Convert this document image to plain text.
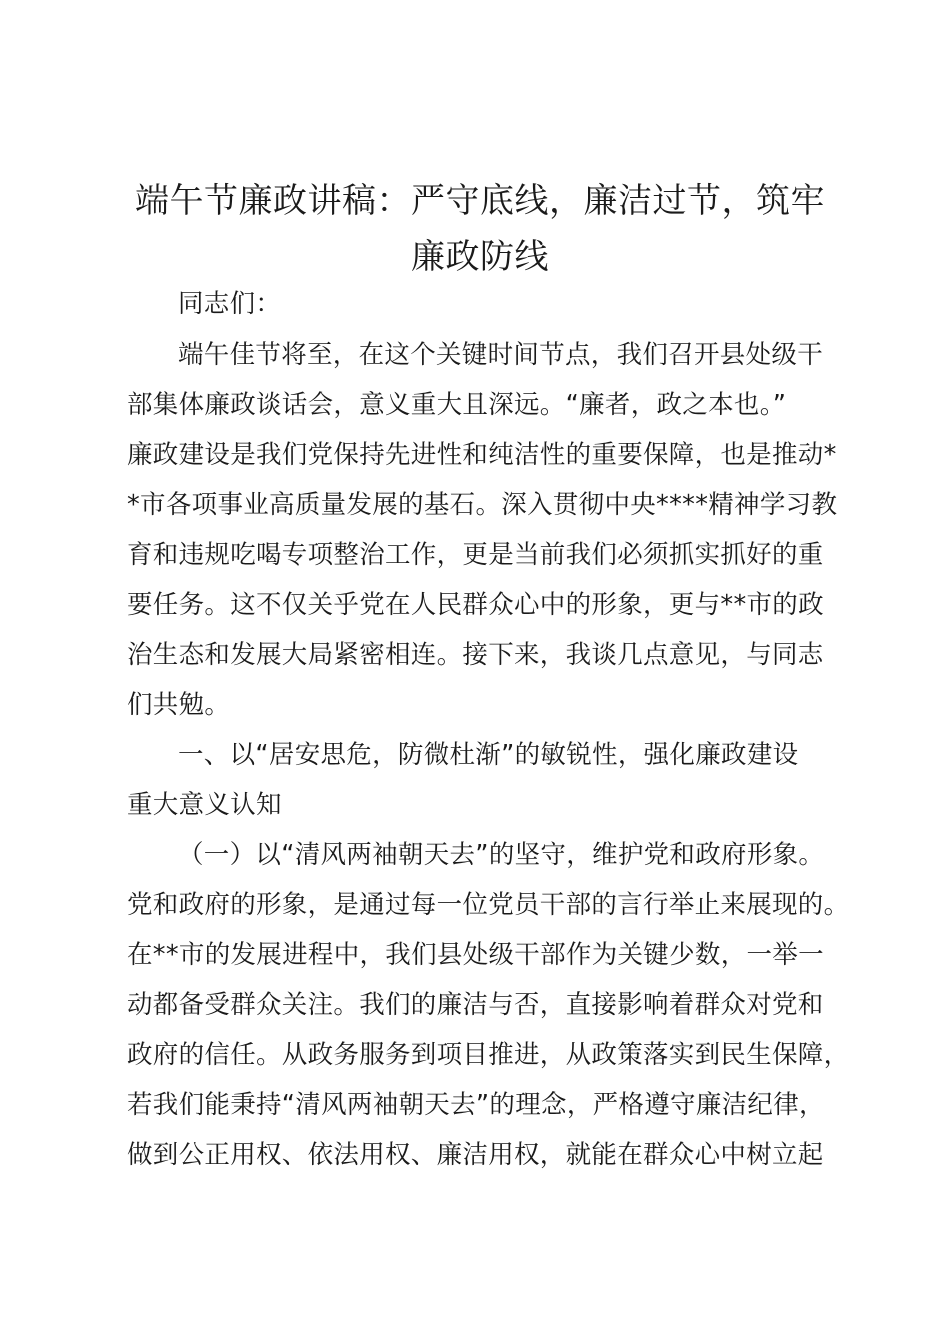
端午节廉政讲稿：严守底线，廉洁过节，筑牢
廉政防线
同志们：
端午佳节将至，在这个关键时间节点，我们召开县处级干
部集体廉政谈话会，意义重大且深远。“廉者，政之本也。”
廉政建设是我们党保持先进性和纯洁性的重要保障，也是推动*
*市各项事业高质量发展的基石。深入贯彻中央****精神学习教
育和违规吃喝专项整治工作，更是当前我们必须抓实抓好的重
要任务。这不仅关乎党在人民群众心中的形象，更与**市的政
治生态和发展大局紧密相连。接下来，我谈几点意见，与同志
们共勉。
一、以“居安思危，防微杜渐”的敏锐性，强化廉政建设
重大意义认知
（一）以“清风两袖朝天去”的坚守，维护党和政府形象。
党和政府的形象，是通过每一位党员干部的言行举止来展现的。
在**市的发展进程中，我们县处级干部作为关键少数，一举一
动都备受群众关注。我们的廉洁与否，直接影响着群众对党和
政府的信任。从政务服务到项目推进，从政策落实到民生保障，
若我们能秉持“清风两袖朝天去”的理念，严格遵守廉洁纪律，
做到公正用权、依法用权、廉洁用权，就能在群众心中树立起
